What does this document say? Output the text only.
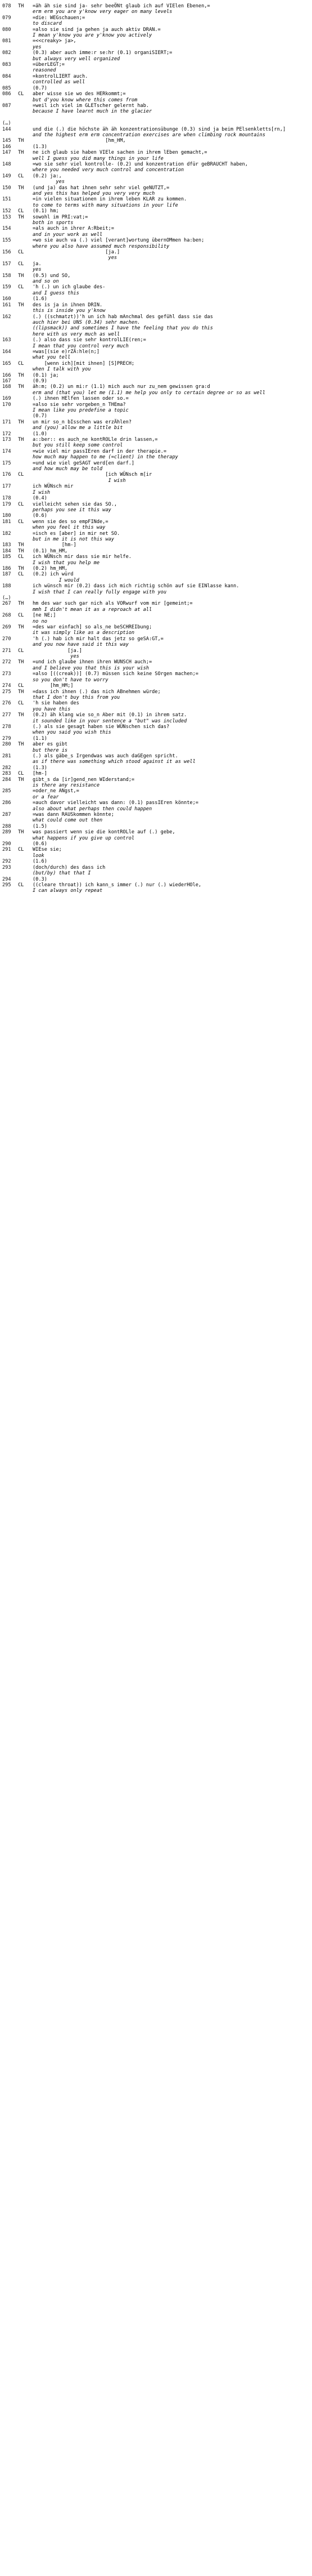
078	TH	=äh äh sie sind ja- sehr beeÖNt glaub ich auf VIElen Ebenen,=
erm erm you are y'know very eager on many levels
079	=die: WEGschauen;=
to discard
080	=also sie sind ja gehen ja auch aktiv DRAN.=
I mean y'know you are y'know you actively
081	=<<creaky> ja>,
yes
082	(0.3) aber auch imme:r se:hr (0.1) organiSIERT;=
but always very well organized
083	=überLEGT;=
reasoned
084	=kontrolLIERT auch.
controlled as well
085	(0.7)
086	CL	aber wisse sie wo des HERkommt;=
but d'you know where this comes from
087	=weil ich viel im GLETscher gelernt hab.
because I have learnt much in the glacier
(…)
144	und die (.) die höchste äh äh konzentrationsübunge (0.3) sind ja beim PElsenkletts[rn,]
and the highest erm erm concentration exercises are when climbing rock mountains
145	TH	[hm_HM,
146	(1.3)
147	TH	ne ich glaub sie haben VIEle sachen in ihrem lEben gemacht,=
well I guess you did many things in your life
148	=wo sie sehr viel kontrolle- (0.2) und konzentration dfür geBRAUCHT haben,
where you needed very much control and concentration
149	CL	(0.2) ja:,
yes
150	TH	(und ja) das hat ihnen sehr sehr viel geNUTZT,=
and yes this has helped you very very much
151	=in vielen situationen in ihrem leben KLAR zu kommen.
to come to terms with many situations in your life
152	CL	(0.1) hm;
153	TH	sowohl im PRI:vat;=
both in sports
154	=als auch in ihrer A:Rbeit;=
and in your work as well
155	=wo sie auch va (.) viel [verant]wortung übernOMmen ha:ben;
where you also have assumed much responsibility
156	CL	[ja.]
yes
157	CL	ja.
yes
158	TH	(0.5) und SO,
and so on
159	CL	'h (.) un ich glaube des-
and I guess this
160	(1.6)
161	TH	des is ja in ihnen DRIN.
this is inside you y'know
162	(.) ((schmatzt))'h un ich hab mAnchmal des gefühl dass sie das
auch hier bei UNS (0.34) sehr machen.
((lipsmack)) and sometimes I have the feeling that you do this
here with us very much as well
163	(.) also dass sie sehr kontrolLIE(ren;=
I mean that you control very much
164	=was[(sie e)rZÄ:hle(n;]
what you tell
165	CL	[wenn ich][mit ihnen] [S]PRECH;
when I talk with you
166	TH	(0.1) ja;
167	(0.9)
168	TH	äh:m; (0.2) un mi:r (1.1) mich auch nur zu_nem gewissen gra:d
erm and (that you) let me (1.1) me help you only to certain degree or so as well
169	(.) ihnen HElfen lassen oder so.=
170	=also sie sehr vorgeben_n THEma?
I mean like you predefine a topic
(0.7)
171	TH	un mir so_n bIsschen was erzÄhlen?
and (you) allow me a little bit
172	(1.0)
173	TH	a::ber:: es auch_ne kontROLle drin lassen,=
but you still keep some control
174	=wie viel mir passIEren darf in der therapie.=
how much may happen to me (=client) in the therapy
175	=und wie viel geSAGT werd[en darf.]
and how much may be told
176	CL	[ich WÜNsch m[ir
I wish
177	ich WÜNsch mir
I wish
178	(0.4)
179	CL	vielleicht sehen sie das SO.,
perhaps you see it this way
180	(0.6)
181	CL	wenn sie des so empFINde,=
when you feel it this way
182	=isch es [aber] in mir net SO.
but in me it is not this way
183	TH	[hm-]
184	TH	(0.1) hm_HM,
185	CL	ich WÜNsch mir dass sie mir helfe.
I wish that you help me
186	TH	(0.2) hm_HM,
187	CL	(0.2) ich würd
I would
188	ich wünsch mir (0.2) dass ich mich richtig schön auf sie EINlasse kann.
I wish that I can really fully engage with you
(…)
267	TH	hm des war such gar nich als VORwurf vom mir [gemeint;=
mmh I didn't mean it as a reproach at all
268	CL	[ne NE;]
no no
269	TH	=des war einfach] so als_ne beSCHREIbung;
it was simply like as a description
270	'h (.) hab ich mir halt das jetz so geSA:GT,=
and you now have said it this way
271	CL	[ja.]
yes
272	TH	=und ich glaube ihnen ihren WUNSCH auch;=
and I believe you that this is your wish
273	=also [((creak))] (0.7) müssen sich keine SOrgen machen;=
so you don't have to worry
274	CL	[hm_HM;]
275	TH	=dass ich ihnen (.) das nich ABnehmen würde;
that I don't buy this from you
276	CL	'h sie haben des
you have this
277	TH	(0.2) äh klang wie so_n Aber mit (0.1) in ihrem satz.
it sounded like in your sentence a "but" was included
278	(.) als sie gesagt haben sie WÜNschen sich das?
when you said you wish this
279	(1.1)
280	TH	aber es gibt
but there is
281	(.) als gäbe_s Irgendwas was auch daGEgen spricht.
as if there was something which stood against it as well
282	(1.3)
283	CL	[hm-]
284	TH	gibt_s da [ir]gend_nen WIderstand;=
is there any resistance
285	=oder_ne ANgst,=
or a fear
286	=auch davor vielleicht was dann: (0.1) passIEren könnte;=
also about what perhaps then could happen
287	=was dann RAUSkommen könnte;
what could come out then
288	(1.5)
289	TH	was passiert wenn sie die kontROLle auf (.) gebe,
what happens if you give up control
290	(0.6)
291	CL	WIEse sie;
look
292	(1.6)
293	(doch/durch) des dass ich
(but/by) that that I
294	(0.3)
295	CL	((cleare throat)) ich kann_s immer (.) nur (.) wiederHOle,
I can always only repeat
